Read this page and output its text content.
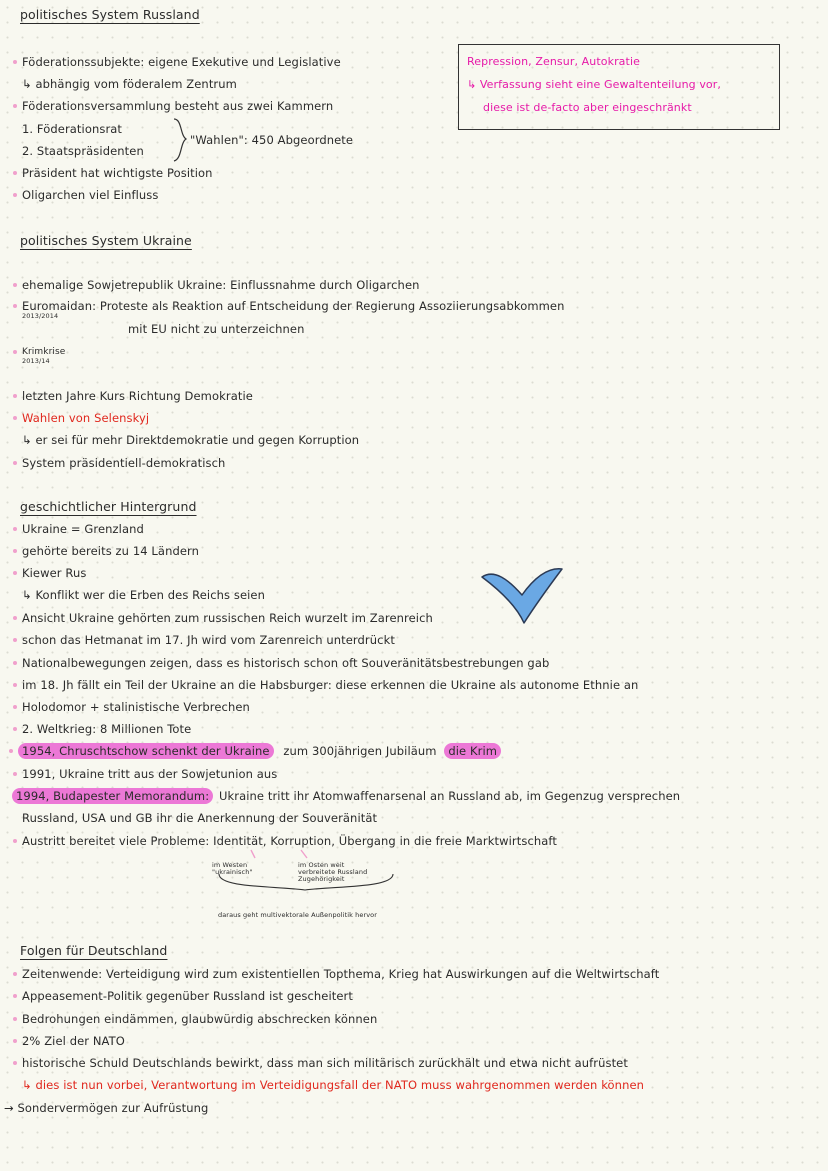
politisches System Russland
Föderationssubjekte: eigene Exekutive und Legislative
↳ abhängig vom föderalem Zentrum
Föderationsversammlung besteht aus zwei Kammern
1. Föderationsrat
2. Staatspräsidenten
"Wahlen": 450 Abgeordnete
Präsident hat wichtigste Position
Oligarchen viel Einfluss
Repression, Zensur, Autokratie
↳ Verfassung sieht eine Gewaltenteilung vor,
diese ist de-facto aber eingeschränkt
politisches System Ukraine
ehemalige Sowjetrepublik Ukraine: Einflussnahme durch Oligarchen
Euromaidan: Proteste als Reaktion auf Entscheidung der Regierung Assoziierungsabkommen
2013/2014
mit EU nicht zu unterzeichnen
Krimkrise
2013/14
letzten Jahre Kurs Richtung Demokratie
Wahlen von Selenskyj
↳ er sei für mehr Direktdemokratie und gegen Korruption
System präsidentiell-demokratisch
geschichtlicher Hintergrund
Ukraine = Grenzland
gehörte bereits zu 14 Ländern
Kiewer Rus
↳ Konflikt wer die Erben des Reichs seien
Ansicht Ukraine gehörten zum russischen Reich wurzelt im Zarenreich
schon das Hetmanat im 17. Jh wird vom Zarenreich unterdrückt
Nationalbewegungen zeigen, dass es historisch schon oft Souveränitätsbestrebungen gab
im 18. Jh fällt ein Teil der Ukraine an die Habsburger: diese erkennen die Ukraine als autonome Ethnie an
Holodomor + stalinistische Verbrechen
2. Weltkrieg: 8 Millionen Tote
1954, Chruschtschow schenkt der Ukraine zum 300jährigen Jubiläum die Krim
1991, Ukraine tritt aus der Sowjetunion aus
1994, Budapester Memorandum: Ukraine tritt ihr Atomwaffenarsenal an Russland ab, im Gegenzug versprechen
Russland, USA und GB ihr die Anerkennung der Souveränität
Austritt bereitet viele Probleme: Identität, Korruption, Übergang in die freie Marktwirtschaft
im Westen "ukrainisch"
im Osten weit verbreitete Russland Zugehörigkeit
daraus geht multivektorale Außenpolitik hervor
Folgen für Deutschland
Zeitenwende: Verteidigung wird zum existentiellen Topthema, Krieg hat Auswirkungen auf die Weltwirtschaft
Appeasement-Politik gegenüber Russland ist gescheitert
Bedrohungen eindämmen, glaubwürdig abschrecken können
2% Ziel der NATO
historische Schuld Deutschlands bewirkt, dass man sich militärisch zurückhält und etwa nicht aufrüstet
↳ dies ist nun vorbei, Verantwortung im Verteidigungsfall der NATO muss wahrgenommen werden können
→ Sondervermögen zur Aufrüstung
